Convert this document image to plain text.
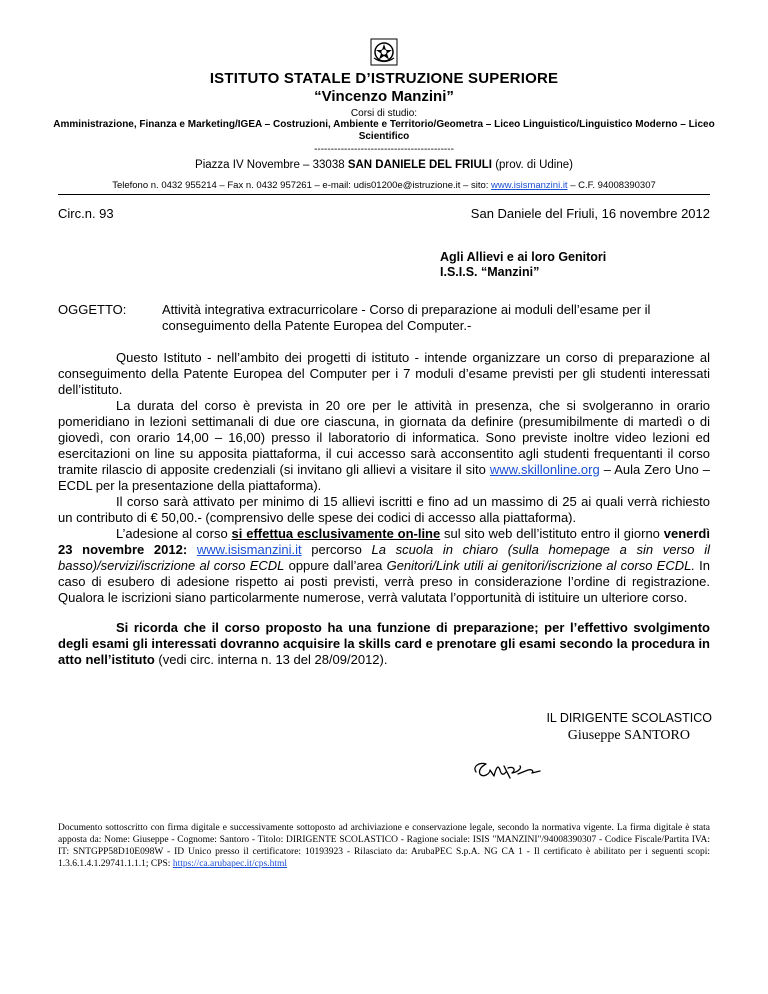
ISTITUTO STATALE D’ISTRUZIONE SUPERIORE
“Vincenzo Manzini”
Corsi di studio:
Amministrazione, Finanza e Marketing/IGEA – Costruzioni, Ambiente e Territorio/Geometra – Liceo Linguistico/Linguistico Moderno – Liceo Scientifico
------------------------------------------
Piazza IV Novembre – 33038 SAN DANIELE DEL FRIULI (prov. di Udine)
Telefono n. 0432 955214 – Fax n. 0432 957261 – e-mail: udis01200e@istruzione.it – sito: www.isismanzini.it – C.F. 94008390307
Circ.n. 93	San Daniele del Friuli, 16 novembre 2012
Agli Allievi e ai loro Genitori
I.S.I.S. “Manzini”
OGGETTO:	Attività integrativa extracurricolare - Corso di preparazione ai moduli dell’esame per il conseguimento della Patente Europea del Computer.-

Questo Istituto - nell’ambito dei progetti di istituto - intende organizzare un corso di preparazione al conseguimento della Patente Europea del Computer per i 7 moduli d’esame previsti per gli studenti interessati dell’istituto.

La durata del corso è prevista in 20 ore per le attività in presenza, che si svolgeranno in orario pomeridiano in lezioni settimanali di due ore ciascuna, in giornata da definire (presumibilmente di martedì o di giovedì, con orario 14,00 – 16,00) presso il laboratorio di informatica. Sono previste inoltre video lezioni ed esercitazioni on line su apposita piattaforma, il cui accesso sarà acconsentito agli studenti frequentanti il corso tramite rilascio di apposite credenziali (si invitano gli allievi a visitare il sito www.skillonline.org – Aula Zero Uno – ECDL per la presentazione della piattaforma).

Il corso sarà attivato per minimo di 15 allievi iscritti e fino ad un massimo di 25 ai quali verrà richiesto un contributo di € 50,00.- (comprensivo delle spese dei codici di accesso alla piattaforma).

L’adesione al corso si effettua esclusivamente on-line sul sito web dell’istituto entro il giorno venerdì 23 novembre 2012: www.isismanzini.it percorso La scuola in chiaro (sulla homepage a sin verso il basso)/servizi/iscrizione al corso ECDL oppure dall’area Genitori/Link utili ai genitori/iscrizione al corso ECDL. In caso di esubero di adesione rispetto ai posti previsti, verrà preso in considerazione l’ordine di registrazione. Qualora le iscrizioni siano particolarmente numerose, verrà valutata l’opportunità di istituire un ulteriore corso.

Si ricorda che il corso proposto ha una funzione di preparazione; per l’effettivo svolgimento degli esami gli interessati dovranno acquisire la skills card e prenotare gli esami secondo la procedura in atto nell’istituto (vedi circ. interna n. 13 del 28/09/2012).

IL DIRIGENTE SCOLASTICO
Giuseppe SANTORO
Documento sottoscritto con firma digitale e successivamente sottoposto ad archiviazione e conservazione legale, secondo la normativa vigente. La firma digitale è stata apposta da: Nome: Giuseppe - Cognome: Santoro - Titolo: DIRIGENTE SCOLASTICO - Ragione sociale: ISIS "MANZINI"/94008390307 - Codice Fiscale/Partita IVA: IT: SNTGPP58D10E098W - ID Unico presso il certificatore: 10193923 - Rilasciato da: ArubaPEC S.p.A. NG CA 1 - Il certificato è abilitato per i seguenti scopi: 1.3.6.1.4.1.29741.1.1.1; CPS: https://ca.arubapec.it/cps.html
